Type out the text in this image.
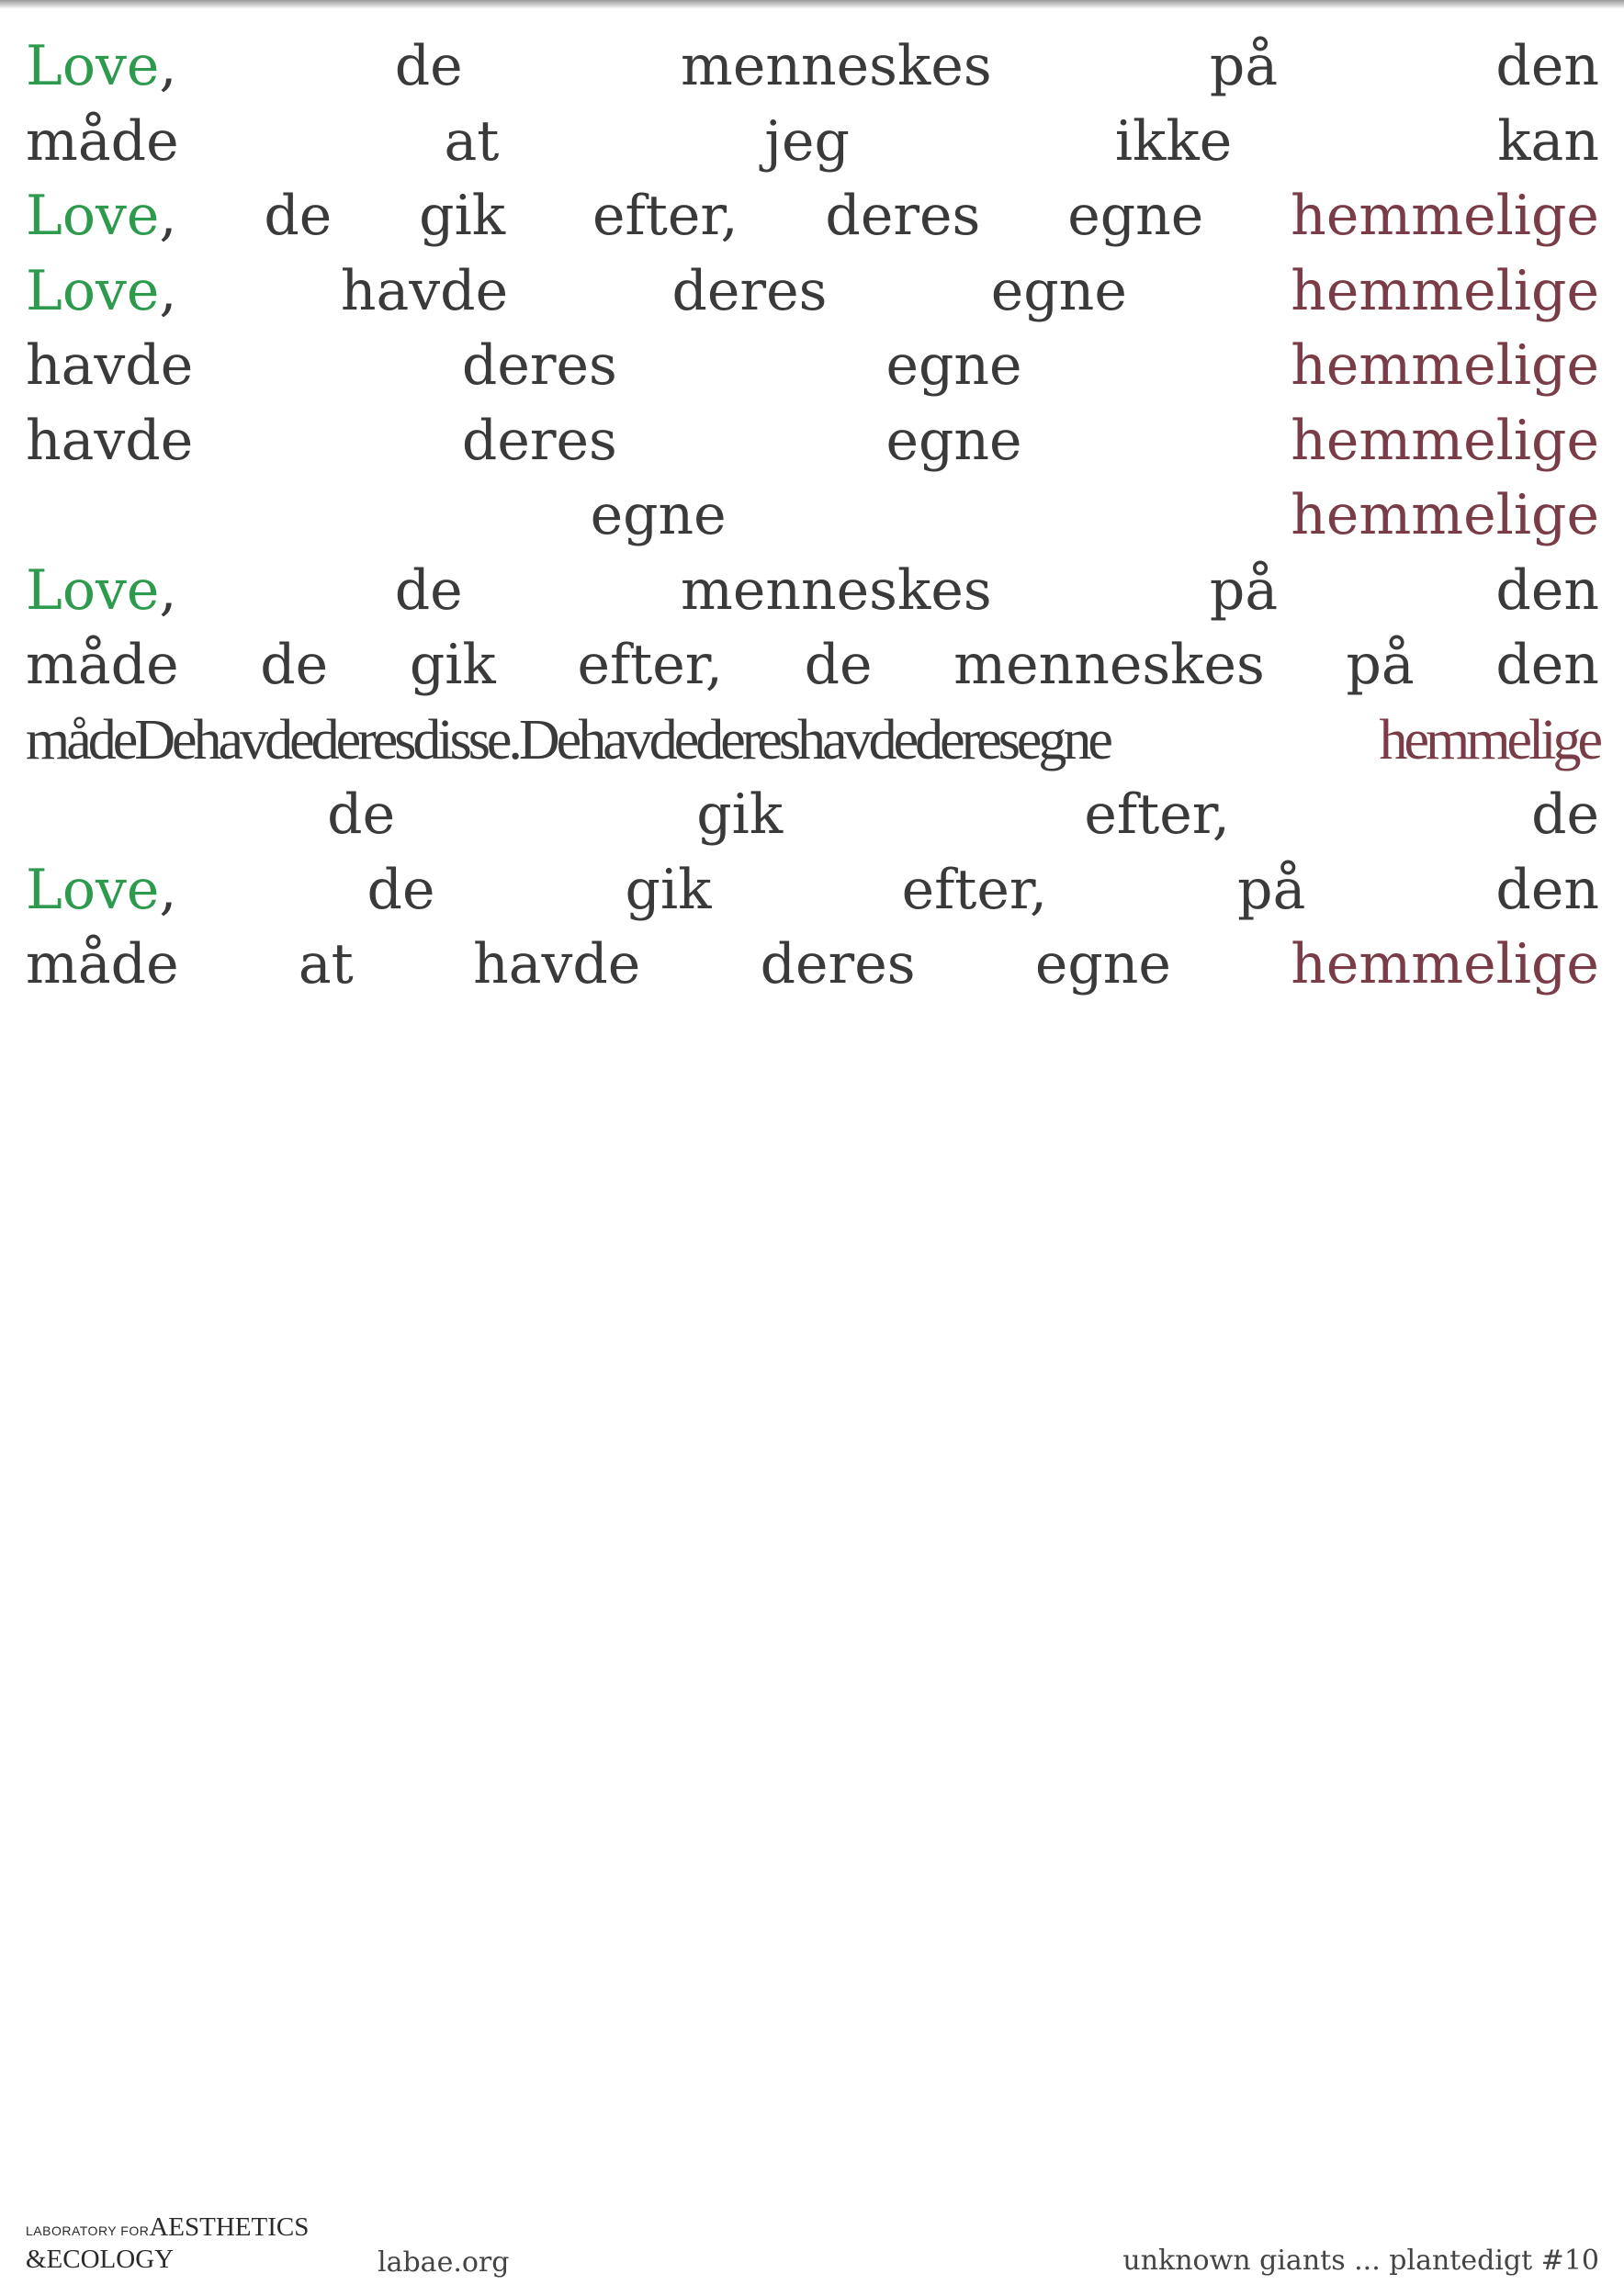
Love,	de	menneskes	på	den
måde	at	jeg	ikke	kan
Love, de gik efter, deres egne hemmelige
Love,	havde	deres	egne	hemmelige
havde	deres	egne	hemmelige
havde	deres	egne	hemmelige
egne	hemmelige
Love,	de	menneskes	på	den
måde de gik efter, de menneskes på den
mådeDehavdederesdisse.Dehavdedereshavdederesegne	hemmelige
de	gik	efter,	de
Love,	de	gik	efter,	på	den
måde at havde deres egne hemmelige
LABORATORY FORAESTHETICS
&ECOLOGY	labae.org	unknown giants ... plantedigt #10
